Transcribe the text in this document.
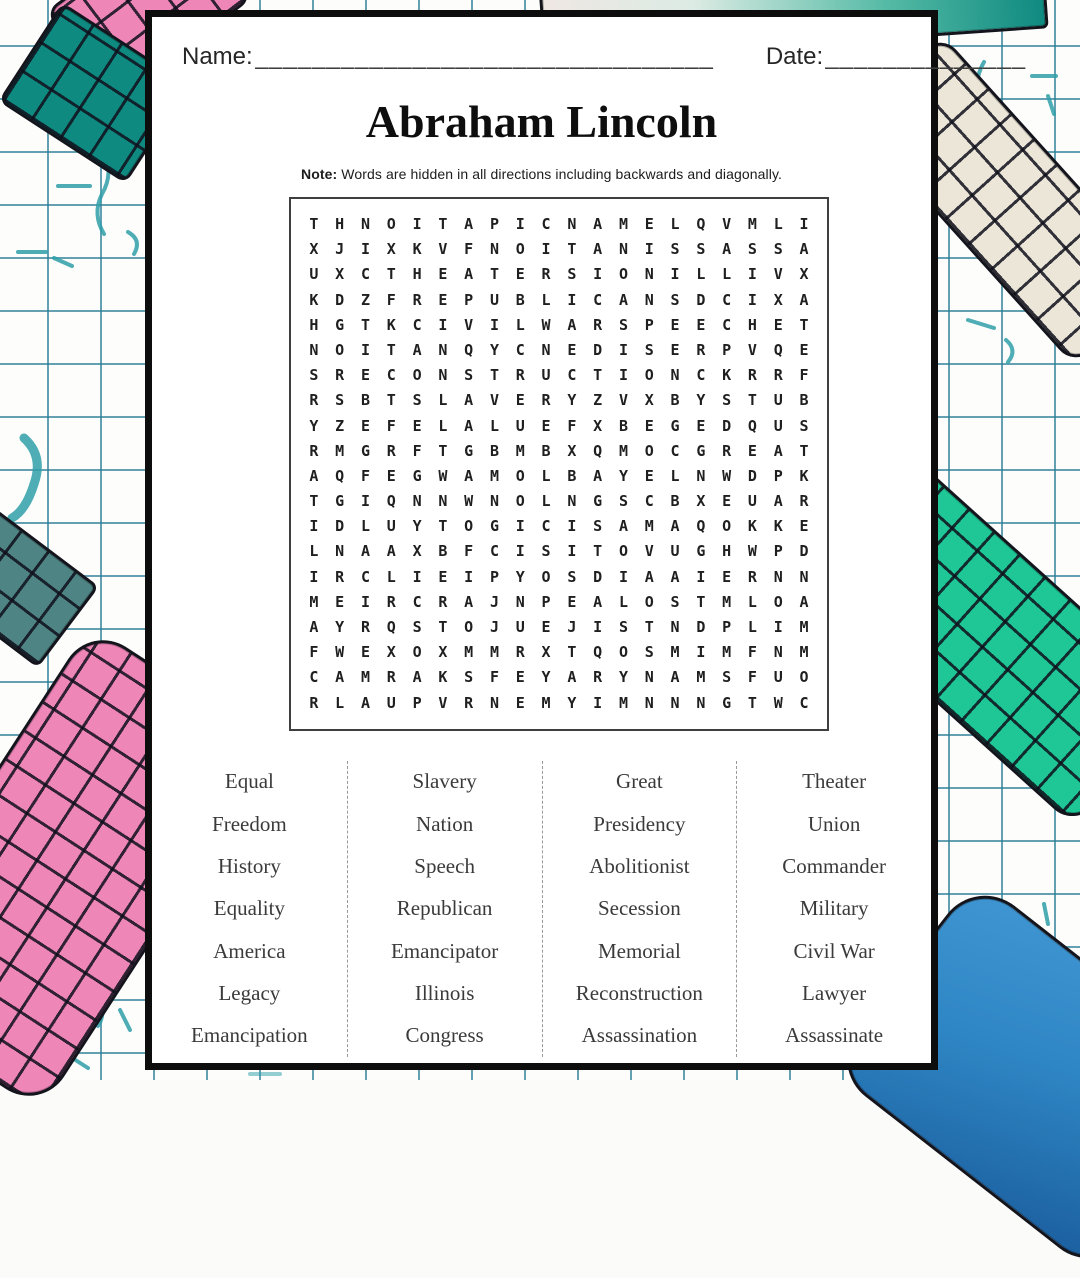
Name: ________________________________ Date: ______________
Abraham Lincoln
Note: Words are hidden in all directions including backwards and diagonally.
T	H	N	O	I	T	A	P	I	C	N	A	M	E	L	Q	V	M	L	I
X	J	I	X	K	V	F	N	O	I	T	A	N	I	S	S	A	S	S	A
U	X	C	T	H	E	A	T	E	R	S	I	O	N	I	L	L	I	V	X
K	D	Z	F	R	E	P	U	B	L	I	C	A	N	S	D	C	I	X	A
H	G	T	K	C	I	V	I	L	W	A	R	S	P	E	E	C	H	E	T
N	O	I	T	A	N	Q	Y	C	N	E	D	I	S	E	R	P	V	Q	E
S	R	E	C	O	N	S	T	R	U	C	T	I	O	N	C	K	R	R	F
R	S	B	T	S	L	A	V	E	R	Y	Z	V	X	B	Y	S	T	U	B
Y	Z	E	F	E	L	A	L	U	E	F	X	B	E	G	E	D	Q	U	S
R	M	G	R	F	T	G	B	M	B	X	Q	M	O	C	G	R	E	A	T
A	Q	F	E	G	W	A	M	O	L	B	A	Y	E	L	N	W	D	P	K
T	G	I	Q	N	N	W	N	O	L	N	G	S	C	B	X	E	U	A	R
I	D	L	U	Y	T	O	G	I	C	I	S	A	M	A	Q	O	K	K	E
L	N	A	A	X	B	F	C	I	S	I	T	O	V	U	G	H	W	P	D
I	R	C	L	I	E	I	P	Y	O	S	D	I	A	A	I	E	R	N	N
M	E	I	R	C	R	A	J	N	P	E	A	L	O	S	T	M	L	O	A
A	Y	R	Q	S	T	O	J	U	E	J	I	S	T	N	D	P	L	I	M
F	W	E	X	O	X	M	M	R	X	T	Q	O	S	M	I	M	F	N	M
C	A	M	R	A	K	S	F	E	Y	A	R	Y	N	A	M	S	F	U	O
R	L	A	U	P	V	R	N	E	M	Y	I	M	N	N	N	G	T	W	C
Equal
Freedom
History
Equality
America
Legacy
Emancipation
Slavery
Nation
Speech
Republican
Emancipator
Illinois
Congress
Great
Presidency
Abolitionist
Secession
Memorial
Reconstruction
Assassination
Theater
Union
Commander
Military
Civil War
Lawyer
Assassinate
